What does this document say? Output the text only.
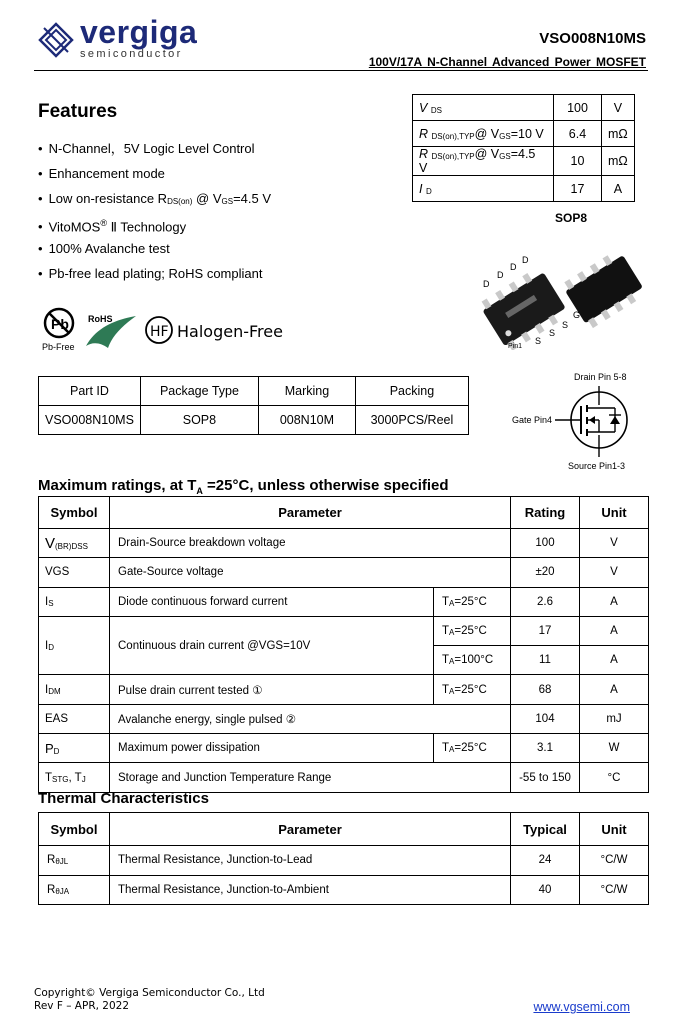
vergiga
semiconductor
VSO008N10MS
100V/17A N-Channel Advanced Power MOSFET
Features
• N-Channel，5V Logic Level Control
• Enhancement mode
• Low on-resistance $R_{DS(on)}$ @ $V_{GS}=4.5$ V
• VitoMOS® Ⅱ Technology
• 100% Avalanche test
• Pb-free lead plating; RoHS compliant
V $_{DS}$	100	V
R $_{DS(on),TYP}$@ $V_{GS}=10$ V	6.4	mΩ
R $_{DS(on),TYP}$@ $V_{GS}=4.5$ V	10	mΩ
I $_D$	17	A
SOP8
D
D
D
D
G
S
S
S
Pin1
Pb
Pb-Free
RoHS
HF Halogen-Free
Part ID	Package Type	Marking	Packing
VSO008N10MS	SOP8	008N10M	3000PCS/Reel
Drain Pin 5-8
Gate Pin4
Source Pin1-3
Maximum ratings, at $T_A =25^\circ C$, unless otherwise specified
Symbol	Parameter		Rating	Unit
$V_{(BR)DSS}$	Drain-Source breakdown voltage		100	V
VGS	Gate-Source voltage		±20	V
$I_S$	Diode continuous forward current	$T_A=25^\circ C$	2.6	A
$I_D$	Continuous drain current @VGS=10V	$T_A=25^\circ C$	17	A
		$T_A=100^\circ C$	11	A
$I_{DM}$	Pulse drain current tested ①	$T_A=25^\circ C$	68	A
EAS	Avalanche energy, single pulsed ②		104	mJ
$P_D$	Maximum power dissipation	$T_A=25^\circ C$	3.1	W
$T_{STG}$, $T_J$	Storage and Junction Temperature Range		-55 to 150	°C
Thermal Characteristics
Symbol	Parameter	Typical	Unit
$R_{\theta JL}$	Thermal Resistance, Junction-to-Lead	24	°C/W
$R_{\theta JA}$	Thermal Resistance, Junction-to-Ambient	40	°C/W
Copyright© Vergiga Semiconductor Co., Ltd
Rev F – APR, 2022	www.vgsemi.com
